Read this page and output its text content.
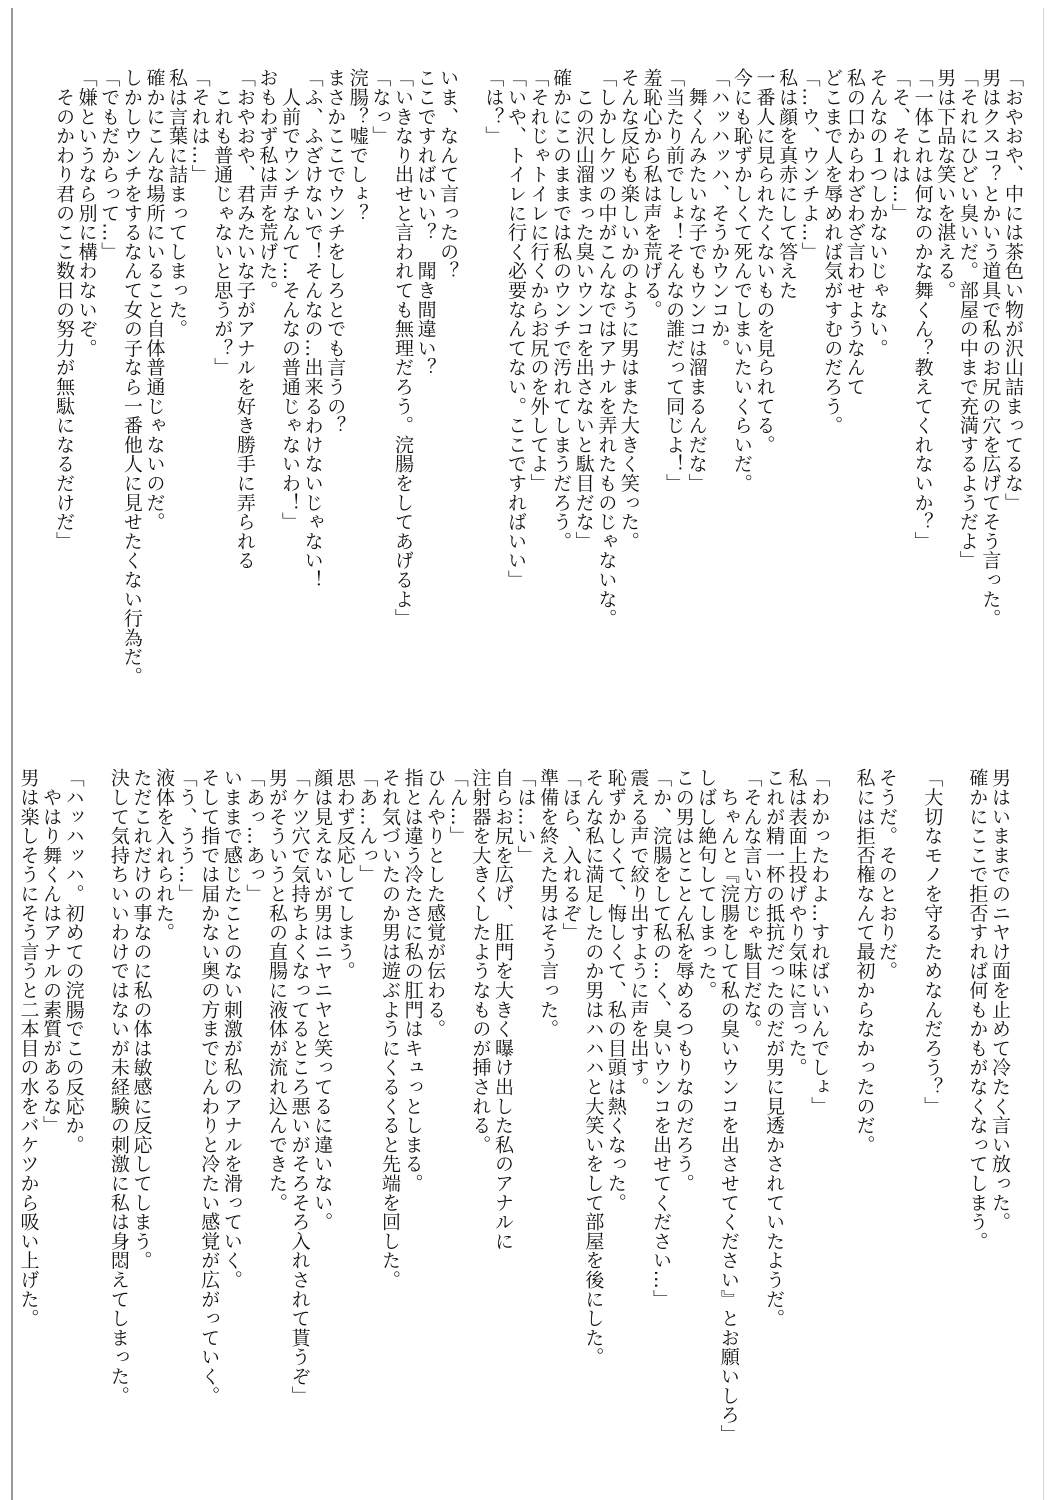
「おやおや、中には茶色い物が沢山詰まってるな」
男はクスコ？とかいう道具で私のお尻の穴を広げてそう言った。
「それにひどい臭いだ。部屋の中まで充満するようだよ」
男は下品な笑いを湛える。
「一体これは何なのかな舞くん？教えてくれないか？」
「そ、それは…」
そんなの１つしかないじゃない。
私の口からわざわざ言わせようなんて
どこまで人を辱めれば気がすむのだろう。
「…ウ、ウンチよ…」
私は顔を真赤にして答えた
一番人に見られたくないものを見られてる。
今にも恥ずかしくて死んでしまいたいくらいだ。
「ハッハッハ、そうかウンコか。
　舞くんみたいな子でもウンコは溜まるんだな」
「当たり前でしょ！そんなの誰だって同じよ！」
羞恥心から私は声を荒げる。
そんな反応も楽しいかのように男はまた大きく笑った。
「しかしケツの中がこんなではアナルを弄れたものじゃないな。
　この沢山溜まった臭いウンコを出さないと駄目だな」
確かにこのままでは私のウンチで汚れてしまうだろう。
「それじゃトイレに行くからお尻のを外してよ」
「いや、トイレに行く必要なんてない。ここですればいい」
「は？」
いま、なんて言ったの？
ここですればいい？　聞き間違い？
「いきなり出せと言われても無理だろう。浣腸をしてあげるよ」
「なっ」
浣腸？嘘でしょ？
まさかここでウンチをしろとでも言うの？
「ふ、ふざけないで！そんなの…出来るわけないじゃない！
　人前でウンチなんて…そんなの普通じゃないわ！」
おもわず私は声を荒げた。
「おやおや、君みたいな子がアナルを好き勝手に弄られる
　これも普通じゃないと思うが？」
「それは…」
私は言葉に詰まってしまった。
確かにこんな場所にいること自体普通じゃないのだ。
しかしウンチをするなんて女の子なら一番他人に見せたくない行為だ。
「でもだからって…」
「嫌というなら別に構わないぞ。
　そのかわり君のここ数日の努力が無駄になるだけだ」
男はいままでのニヤけ面を止めて冷たく言い放った。
確かにここで拒否すれば何もかもがなくなってしまう。
「大切なモノを守るためなんだろう？」
そうだ。そのとおりだ。
私には拒否権なんて最初からなかったのだ。
「わかったわよ…すればいいんでしょ」
私は表面上投げやり気味に言った。
これが精一杯の抵抗だったのだが男に見透かされていたようだ。
「そんな言い方じゃ駄目だな。
　ちゃんと『浣腸をして私の臭いウンコを出させてください』とお願いしろ」
しばし絶句してしまった。
この男はとことん私を辱めるつもりなのだろう。
「か、浣腸をして私の…く、臭いウンコを出せてください…」
震える声で絞り出すように声を出す。
恥ずかしくて、悔しくて、私の目頭は熱くなった。
そんな私に満足したのか男はハハハと大笑いをして部屋を後にした。
「ほら、入れるぞ」
準備を終えた男はそう言った。
「は…い」
自らお尻を広げ、肛門を大きく曝け出した私のアナルに
注射器を大きくしたようなものが挿される。
「ん…」
ひんやりとした感覚が伝わる。
指とは違う冷たさに私の肛門はキュっとしまる。
それ気づいたのか男は遊ぶようにくるくると先端を回した。
「あ…んっ」
思わず反応してしまう。
顔は見えないが男はニヤニヤと笑ってるに違いない。
「ケツ穴で気持ちよくなってるところ悪いがそろそろ入れされて貰うぞ」
男がそういうと私の直腸に液体が流れ込んできた。
「あっ…あっ」
いままで感じたことのない刺激が私のアナルを滑っていく。
そして指では届かない奥の方までじんわりと冷たい感覚が広がっていく。
「う、うう…」
液体を入れられた。
ただこれだけの事なのに私の体は敏感に反応してしまう。
決して気持ちいいわけではないが未経験の刺激に私は身悶えてしまった。
「ハッハッハ。初めての浣腸でこの反応か。
　やはり舞くんはアナルの素質があるな」
男は楽しそうにそう言うと二本目の水をバケツから吸い上げた。
